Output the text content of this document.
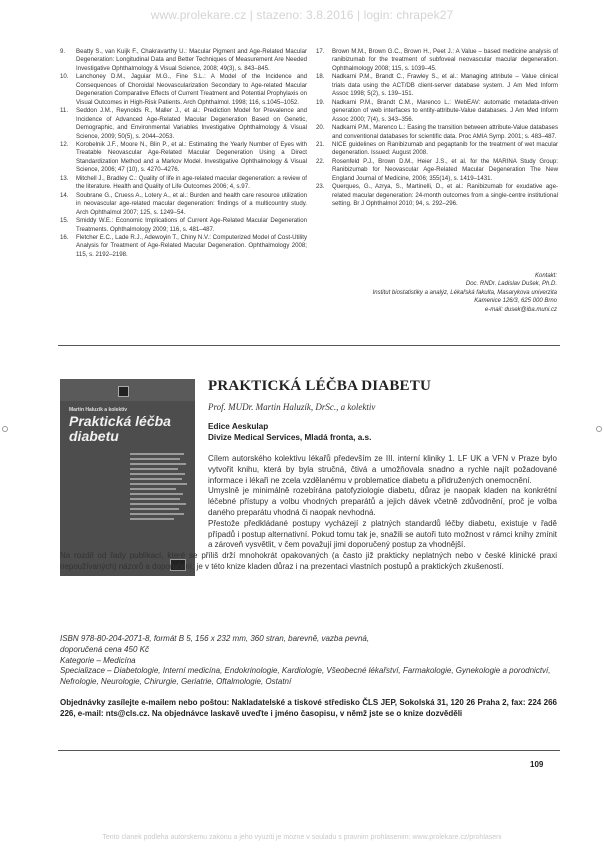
www.prolekare.cz | stazeno: 3.8.2016 | login: chrapek27
9.	Beatty S., van Kuijk F., Chakravarthy U.: Macular Pigment and Age-Related Macular Degeneration: Longitudinal Data and Better Techniques of Measurement Are Needed Investigative Ophthalmology & Visual Science, 2008; 49(3), s. 843–845.
10.	Lanchoney D.M., Jaguiar M.G., Fine S.L.: A Model of the Incidence and Consequences of Choroidal Neovascularization Secondary to Age-related Macular Degeneration Comparative Effects of Current Treatment and Potential Prophylaxis on Visual Outcomes in High-Risk Patients. Arch Ophthalmol. 1998; 116, s.1045–1052.
11.	Seddon J.M., Reynolds R., Maller J., et al.: Prediction Model for Prevalence and Incidence of Advanced Age-Related Macular Degeneration Based on Genetic, Demographic, and Environmental Variables Investigative Ophthalmology & Visual Science, 2009; 50(5), s. 2044–2053.
12.	Korobelnik J.F., Moore N., Blin P., et al.: Estimating the Yearly Number of Eyes with Treatable Neovascular Age-Related Macular Degeneration Using a Direct Standardization Method and a Markov Model. Investigative Ophthalmology & Visual Science, 2006; 47 (10), s. 4270–4276.
13.	Mitchell J., Bradley C.: Quality of life in age-related macular degeneration: a review of the literature. Health and Quality of Life Outcomes 2006; 4, s.97.
14.	Soubrane G., Cruess A., Lotery A., et al.: Burden and health care resource utilization in neovascular age-related macular degeneration: findings of a multicountry study. Arch Ophthalmol 2007; 125, s. 1249–54.
15.	Smiddy W.E.: Economic Implications of Current Age-Related Macular Degeneration Treatments. Ophthalmology 2009; 116, s. 481–487.
16.	Fletcher E.C., Lade R.J., Adewoyin T., Chiny N.V.: Computerized Model of Cost-Utility Analysis for Treatment of Age-Related Macular Degeneration. Ophthalmology 2008; 115, s. 2192–2198.
17.	Brown M.M., Brown G.C., Brown H., Peet J.: A Value – based medicine analysis of ranibizumab for the treatment of subfoveal neovascular macular degeneration. Ophthalmology 2008; 115, s. 1039–45.
18.	Nadkarni P.M., Brandt C., Frawley S., et al.: Managing attribute – Value clinical trials data using the ACT/DB client-server database system. J Am Med Inform Assoc 1998; 5(2), s. 139–151.
19.	Nadkarni P.M., Brandt C.M., Marenco L.: WebEAV: automatic metadata-driven generation of web interfaces to entity-attribute-Value databases. J Am Med Inform Assoc 2000; 7(4), s. 343–356.
20.	Nadkarni P.M., Marenco L.: Easing the transition between attribute-Value databases and conventional databases for scientific data. Proc AMIA Symp. 2001; s. 483–487.
21.	NICE guidelines on Ranibizumab and pegaptanib for the treatment of wet macular degeneration. Issued: August 2008.
22.	Rosenfeld P.J., Brown D.M., Heier J.S., et al. for the MARINA Study Group: Ranibizumab for Neovascular Age-Related Macular Degeneration The New England Journal of Medicine, 2006; 355(14), s. 1419–1431.
23.	Querques, G., Azrya, S., Martinelli, D., et al.: Ranibizumab for exudative age-related macular degeneration: 24-month outcomes from a single-centre institutional setting. Br J Ophthalmol 2010; 94, s. 292–296.
Kontakt:
Doc. RNDr. Ladislav Dušek, Ph.D.
Institut biostatistiky a analýz, Lékařská fakulta, Masarykova univerzita
Kamenice 126/3, 625 000 Brno
e-mail: dusek@iba.muni.cz
Martin Haluzík a kolektiv
Praktická léčba diabetu
PRAKTICKÁ LÉČBA DIABETU
Prof. MUDr. Martin Haluzík, DrSc., a kolektiv
Edice Aeskulap
Divize Medical Services, Mladá fronta, a.s.

Cílem autorského kolektivu lékařů především ze III. interní kliniky 1. LF UK a VFN v Praze bylo vytvořit knihu, která by byla stručná, čtivá a umožňovala snadno a rychle najít požadované informace i lékaři ne zcela vzdělanému v problematice diabetu a přidružených onemocnění.

Umyslně je minimálně rozebírána patofyziologie diabetu, důraz je naopak kladen na konkrétní léčebné přístupy a volbu vhodných preparátů a jejich dávek včetně zdůvodnění, proč je volba daného preparátu vhodná či naopak nevhodná.

Přestože předkládané postupy vycházejí z platných standardů léčby diabetu, existuje v řadě případů i postup alternativní. Pokud tomu tak je, snažili se autoři tuto možnost v rámci knihy zmínit a zároveň vysvětlit, v čem považují jimi doporučený postup za vhodnější.

Na rozdíl od řady publikací, které se příliš drží mnohokrát opakovaných (a často již prakticky neplatných nebo v české klinické praxi nepoužívaných) názorů a doporučení, je v této knize kladen důraz i na prezentaci vlastních postupů a praktických zkušeností.

ISBN 978-80-204-2071-8, formát B 5, 156 x 232 mm, 360 stran, barevně, vazba pevná,

doporučená cena 450 Kč

Kategorie – Medicína

Specializace – Diabetologie, Interní medicína, Endokrinologie, Kardiologie, Všeobecné lékařství, Farmakologie, Gynekologie a porodnictví, Nefrologie, Neurologie, Chirurgie, Geriatrie, Oftalmologie, Ostatní

Objednávky zasílejte e-mailem nebo poštou: Nakladatelské a tiskové středisko ČLS JEP, Sokolská 31, 120 26 Praha 2, fax: 224 266 226, e-mail: nts@cls.cz. Na objednávce laskavě uveďte i jméno časopisu, v němž jste se o knize dozvěděli
109
Tento clanek podleha autorskemu zakonu a jeho vyuziti je mozne v souladu s pravnim prohlasenim: www.prolekare.cz/prohlaseni
